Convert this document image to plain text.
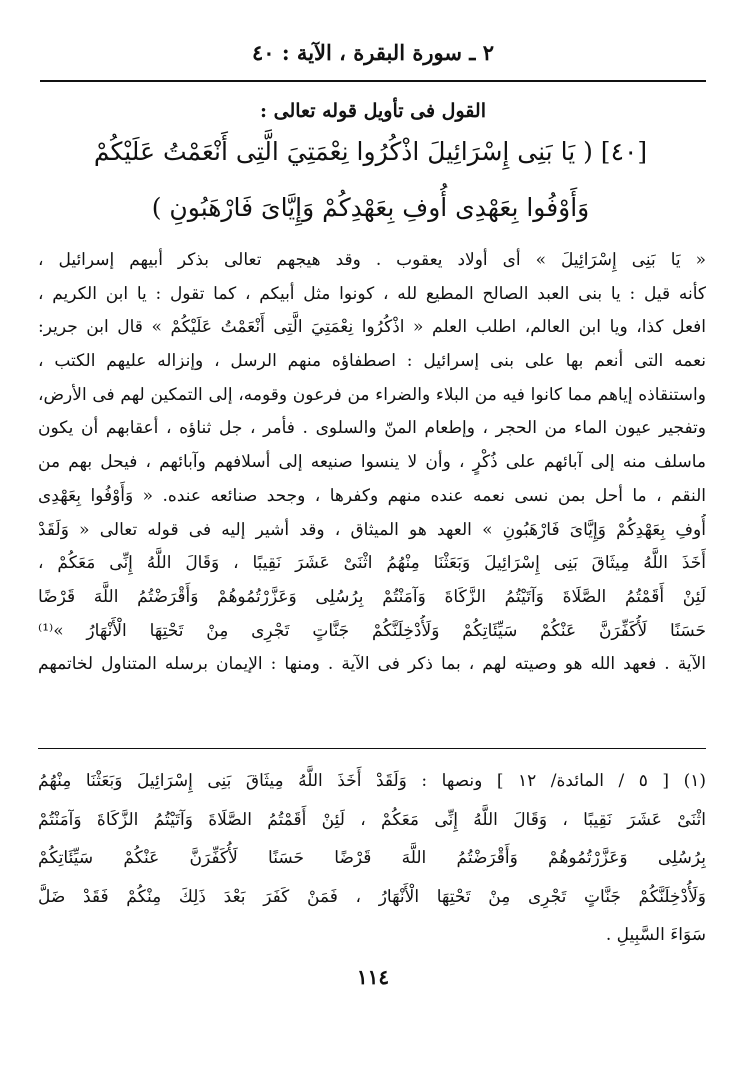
٢ ـ سورة البقرة ، الآية : ٤٠
القول فى تأويل قوله تعالى :
[٤٠] ( يَا بَنِى إِسْرَائِيلَ اذْكُرُوا نِعْمَتِيَ الَّتِى أَنْعَمْتُ عَلَيْكُمْ
وَأَوْفُوا بِعَهْدِى أُوفِ بِعَهْدِكُمْ وَإِيَّاىَ فَارْهَبُونِ )
« يَا بَنِى إِسْرَائِيلَ » أى أولاد يعقوب . وقد هيجهم تعالى بذكر أبيهم إسرائيل ،
كأنه قيل : يا بنى العبد الصالح المطيع لله ، كونوا مثل أبيكم ، كما تقول : يا ابن الكريم ،
افعل كذا، ويا ابن العالم، اطلب العلم « اذْكُرُوا نِعْمَتِيَ الَّتِى أَنْعَمْتُ عَلَيْكُمْ » قال ابن جرير:
نعمه التى أنعم بها على بنى إسرائيل : اصطفاؤه منهم الرسل ، وإنزاله عليهم الكتب ،
واستنقاذه إياهم مما كانوا فيه من البلاء والضراء من فرعون وقومه، إلى التمكين لهم فى الأرض،
وتفجير عيون الماء من الحجر ، وإطعام المنّ والسلوى . فأمر ، جل ثناؤه ، أعقابهم أن يكون
ماسلف منه إلى آبائهم على ذُكْرٍ ، وأن لا ينسوا صنيعه إلى أسلافهم وآبائهم ، فيحل بهم من
النقم ، ما أحل بمن نسى نعمه عنده منهم وكفرها ، وجحد صنائعه عنده. « وَأَوْفُوا بِعَهْدِى
أُوفِ بِعَهْدِكُمْ وَإِيَّاىَ فَارْهَبُونِ » العهد هو الميثاق ، وقد أشير إليه فى قوله تعالى « وَلَقَدْ
أَخَذَ اللَّهُ مِيثَاقَ بَنِى إِسْرَائِيلَ وَبَعَثْنَا مِنْهُمُ اثْنَىْ عَشَرَ نَقِيبًا ، وَقَالَ اللَّهُ إِنِّى مَعَكُمْ ،
لَئِنْ أَقَمْتُمُ الصَّلَاةَ وَآتَيْتُمُ الزَّكَاةَ وَآمَنْتُمْ بِرُسُلِى وَعَزَّرْتُمُوهُمْ وَأَقْرَضْتُمُ اللَّهَ قَرْضًا
حَسَنًا لَأُكَفِّرَنَّ عَنْكُمْ سَيِّئَاتِكُمْ وَلَأُدْخِلَنَّكُمْ جَنَّاتٍ تَجْرِى مِنْ تَحْتِهَا الْأَنْهَارُ »⁽¹⁾
الآية . فعهد الله هو وصيته لهم ، بما ذكر فى الآية . ومنها : الإيمان برسله المتناول لخاتمهم
(١) [ ٥ / المائدة/ ١٢ ] ونصها : وَلَقَدْ أَخَذَ اللَّهُ مِيثَاقَ بَنِى إِسْرَائِيلَ وَبَعَثْنَا مِنْهُمُ
اثْنَىْ عَشَرَ نَقِيبًا ، وَقَالَ اللَّهُ إِنِّى مَعَكُمْ ، لَئِنْ أَقَمْتُمُ الصَّلَاةَ وَآتَيْتُمُ الزَّكَاةَ وَآمَنْتُمْ
بِرُسُلِى وَعَزَّرْتُمُوهُمْ وَأَقْرَضْتُمُ اللَّهَ قَرْضًا حَسَنًا لَأُكَفِّرَنَّ عَنْكُمْ سَيِّئَاتِكُمْ
وَلَأُدْخِلَنَّكُمْ جَنَّاتٍ تَجْرِى مِنْ تَحْتِهَا الْأَنْهَارُ ، فَمَنْ كَفَرَ بَعْدَ ذَلِكَ مِنْكُمْ فَقَدْ ضَلَّ
سَوَاءَ السَّبِيلِ .
١١٤
